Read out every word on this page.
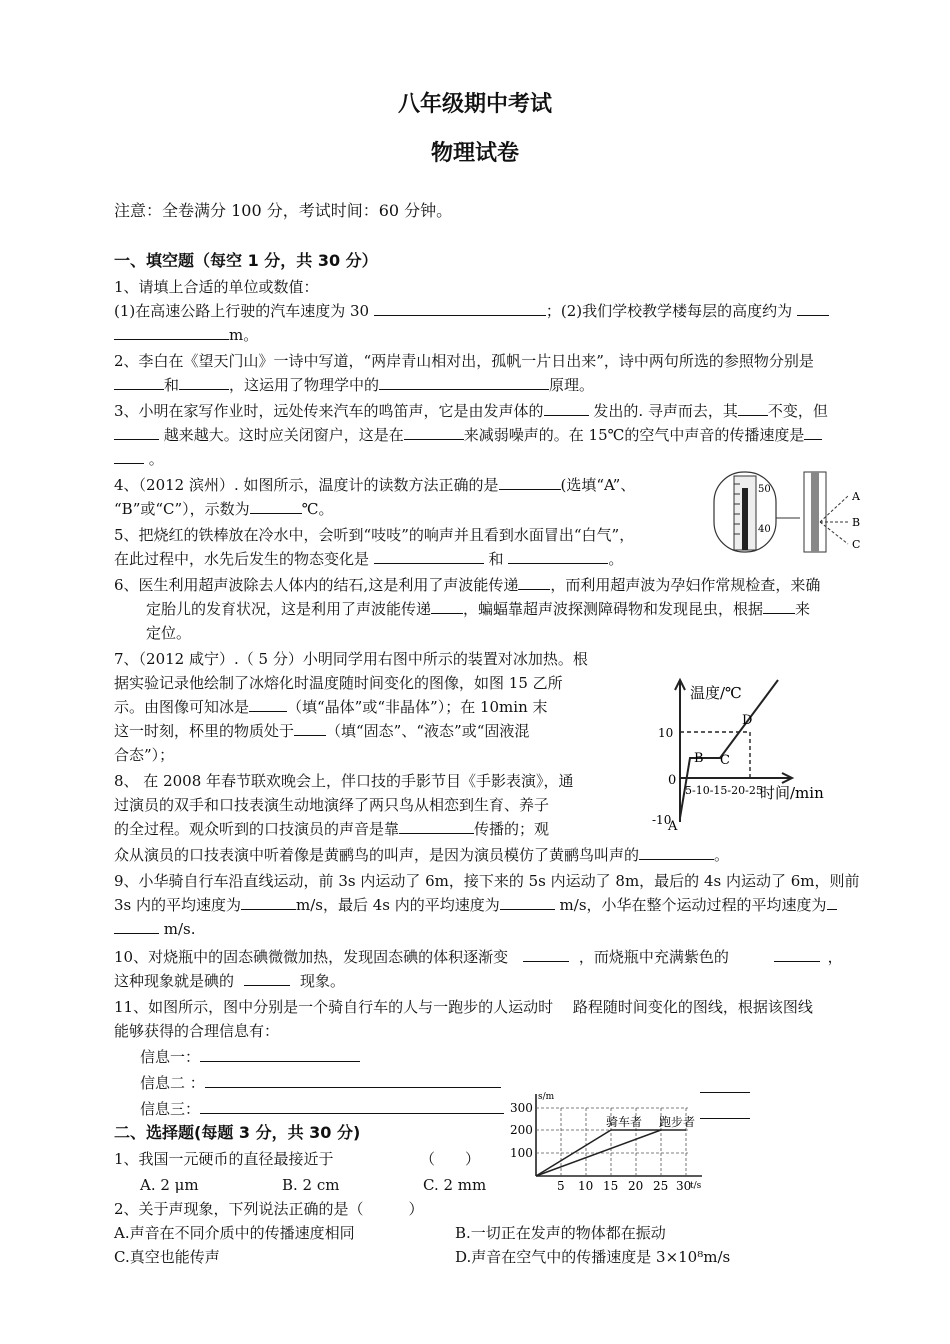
八年级期中考试
物理试卷
注意：全卷满分 100 分，考试时间：60 分钟。
一、填空题（每空 1 分，共 30 分）
1、请填上合适的单位或数值：
(1)在高速公路上行驶的汽车速度为 30	；(2)我们学校教学楼每层的高度约为
m。
2、李白在《望天门山》一诗中写道，“两岸青山相对出，孤帆一片日出来”，诗中两句所选的参照物分别是
和	，这运用了物理学中的	原理。
3、小明在家写作业时，远处传来汽车的鸣笛声，它是由发声体的	发出的. 寻声而去，其 不变，但
越来越大。这时应关闭窗户，这是在	来减弱噪声的。在 15℃的空气中声音的传播速度是
。
4、（2012 滨州）. 如图所示，温度计的读数方法正确的是	(选填“A”、
“B”或“C”），示数为	℃。
50
40
A
B
C
5、把烧红的铁棒放在冷水中，会听到“吱吱”的响声并且看到水面冒出“白气”，
在此过程中，水先后发生的物态变化是	和	。
6、医生利用超声波除去人体内的结石,这是利用了声波能传递 ，而利用超声波为孕妇作常规检查，来确
定胎儿的发育状况，这是利用了声波能传递 ，蝙蝠靠超声波探测障碍物和发现昆虫，根据 来
定位。
7、（2012 咸宁）.（ 5 分）小明同学用右图中所示的装置对冰加热。根
据实验记录他绘制了冰熔化时温度随时间变化的图像，如图 15 乙所
示。由图像可知冰是	（填“晶体”或“非晶体”）；在 10min 末
这一时刻，杯里的物质处于 （填“固态”、“液态”或“固液混
合态”）；
温度/℃
时间/min
10
0
-10
5-10-15-20-25
A
B C
D
8、 在 2008 年春节联欢晚会上，伴口技的手影节目《手影表演》，通
过演员的双手和口技表演生动地演绎了两只鸟从相恋到生育、养子
的全过程。观众听到的口技演员的声音是靠	传播的；观
众从演员的口技表演中听着像是黄鹂鸟的叫声，是因为演员模仿了黄鹂鸟叫声的	。
9、小华骑自行车沿直线运动，前 3s 内运动了 6m，接下来的 5s 内运动了 8m，最后的 4s 内运动了 6m，则前
3s 内的平均速度为	m/s，最后 4s 内的平均速度为	m/s，小华在整个运动过程的平均速度为
m/s.
10、对烧瓶中的固态碘微微加热，发现固态碘的体积逐渐变	，而烧瓶中充满紫色的	，
这种现象就是碘的	现象。
11、如图所示，图中分别是一个骑自行车的人与一跑步的人运动时　 路程随时间变化的图线，根据该图线
能够获得的合理信息有：
信息一：
信息二 ：
信息三：
s/m
t/s
300
200
100
5 10 15 20 25 30
骑车者 跑步者
二、选择题(每题 3 分，共 30 分)
1、我国一元硬币的直径最接近于	（　　）
A. 2 μm	B. 2 cm	C. 2 mm
2、关于声现象，下列说法正确的是（　　　）
A.声音在不同介质中的传播速度相同	B.一切正在发声的物体都在振动
C.真空也能传声	D.声音在空气中的传播速度是 3×10⁸m/s
